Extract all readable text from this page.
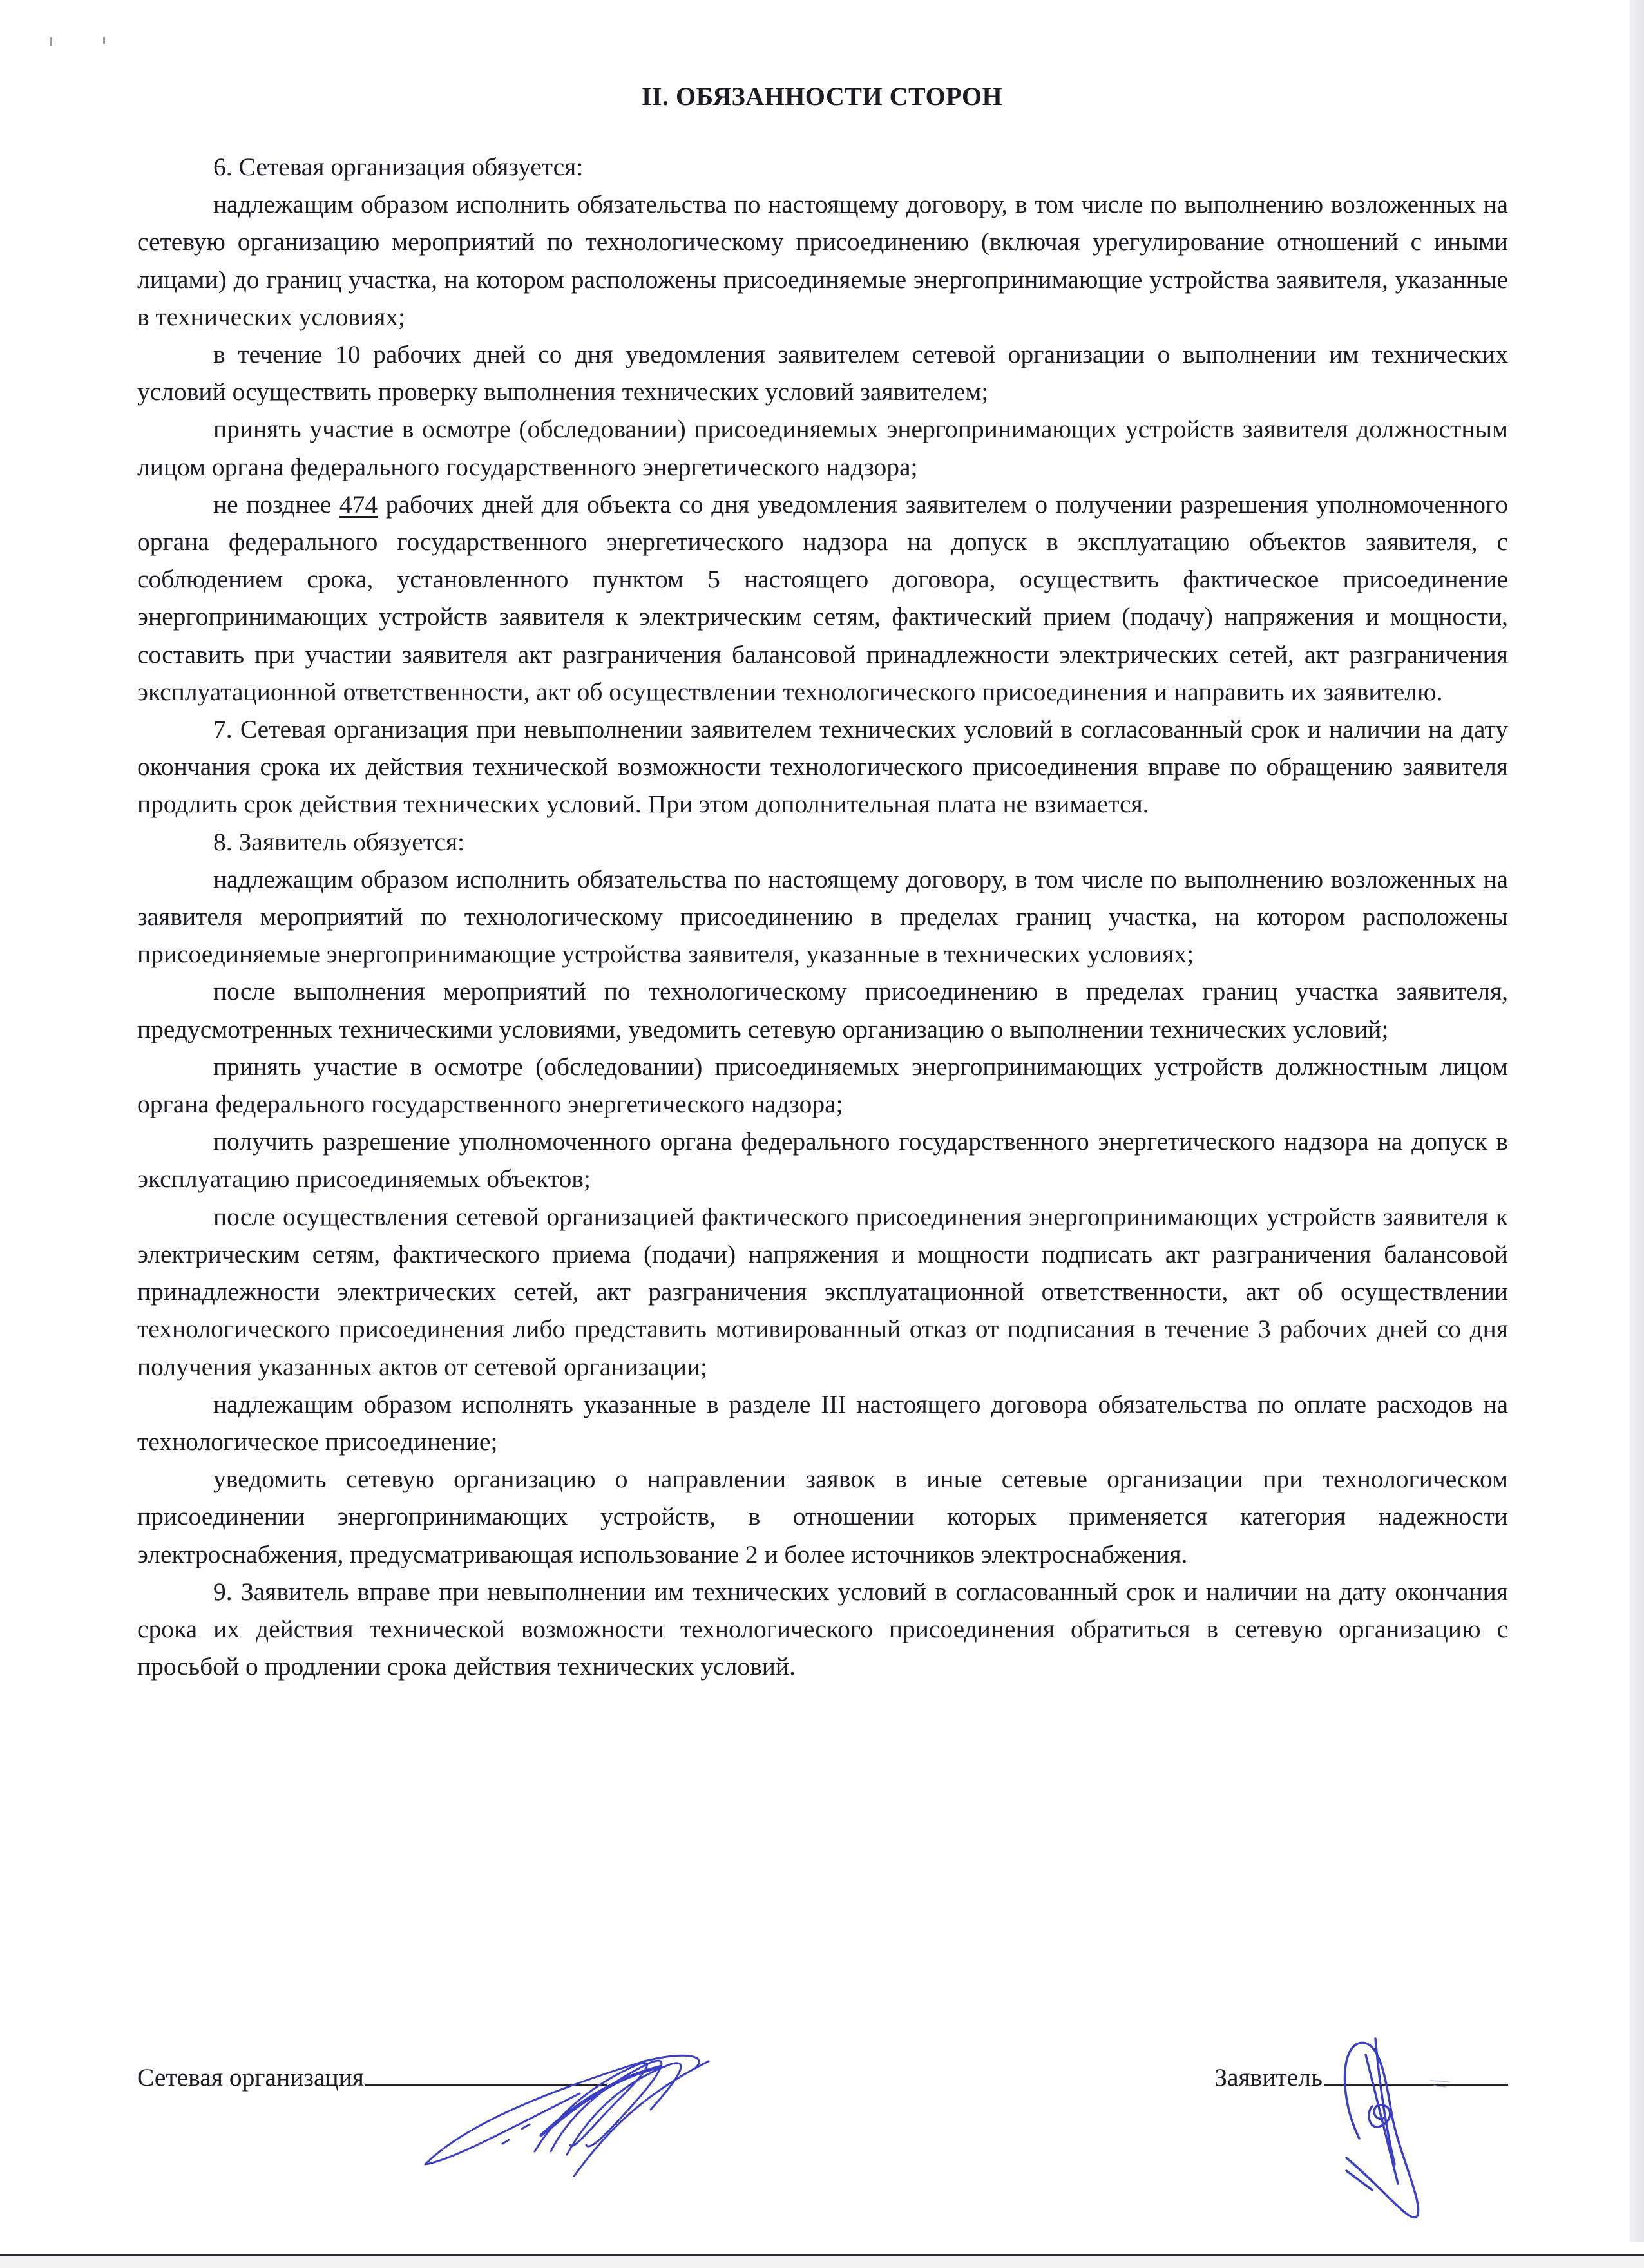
II. ОБЯЗАННОСТИ СТОРОН

6. Сетевая организация обязуется:

надлежащим образом исполнить обязательства по настоящему договору, в том числе по выполнению возложенных на сетевую организацию мероприятий по технологическому присоединению (включая урегулирование отношений с иными лицами) до границ участка, на котором расположены присоединяемые энергопринимающие устройства заявителя, указанные в технических условиях;

в течение 10 рабочих дней со дня уведомления заявителем сетевой организации о выполнении им технических условий осуществить проверку выполнения технических условий заявителем;

принять участие в осмотре (обследовании) присоединяемых энергопринимающих устройств заявителя должностным лицом органа федерального государственного энергетического надзора;

не позднее 474 рабочих дней для объекта со дня уведомления заявителем о получении разрешения уполномоченного органа федерального государственного энергетического надзора на допуск в эксплуатацию объектов заявителя, с соблюдением срока, установленного пунктом 5 настоящего договора, осуществить фактическое присоединение энергопринимающих устройств заявителя к электрическим сетям, фактический прием (подачу) напряжения и мощности, составить при участии заявителя акт разграничения балансовой принадлежности электрических сетей, акт разграничения эксплуатационной ответственности, акт об осуществлении технологического присоединения и направить их заявителю.

7. Сетевая организация при невыполнении заявителем технических условий в согласованный срок и наличии на дату окончания срока их действия технической возможности технологического присоединения вправе по обращению заявителя продлить срок действия технических условий. При этом дополнительная плата не взимается.

8. Заявитель обязуется:

надлежащим образом исполнить обязательства по настоящему договору, в том числе по выполнению возложенных на заявителя мероприятий по технологическому присоединению в пределах границ участка, на котором расположены присоединяемые энергопринимающие устройства заявителя, указанные в технических условиях;

после выполнения мероприятий по технологическому присоединению в пределах границ участка заявителя, предусмотренных техническими условиями, уведомить сетевую организацию о выполнении технических условий;

принять участие в осмотре (обследовании) присоединяемых энергопринимающих устройств должностным лицом органа федерального государственного энергетического надзора;

получить разрешение уполномоченного органа федерального государственного энергетического надзора на допуск в эксплуатацию присоединяемых объектов;

после осуществления сетевой организацией фактического присоединения энергопринимающих устройств заявителя к электрическим сетям, фактического приема (подачи) напряжения и мощности подписать акт разграничения балансовой принадлежности электрических сетей, акт разграничения эксплуатационной ответственности, акт об осуществлении технологического присоединения либо представить мотивированный отказ от подписания в течение 3 рабочих дней со дня получения указанных актов от сетевой организации;

надлежащим образом исполнять указанные в разделе III настоящего договора обязательства по оплате расходов на технологическое присоединение;

уведомить сетевую организацию о направлении заявок в иные сетевые организации при технологическом присоединении энергопринимающих устройств, в отношении которых применяется категория надежности электроснабжения, предусматривающая использование 2 и более источников электроснабжения.

9. Заявитель вправе при невыполнении им технических условий в согласованный срок и наличии на дату окончания срока их действия технической возможности технологического присоединения обратиться в сетевую организацию с просьбой о продлении срока действия технических условий.

Сетевая организация	Заявитель
